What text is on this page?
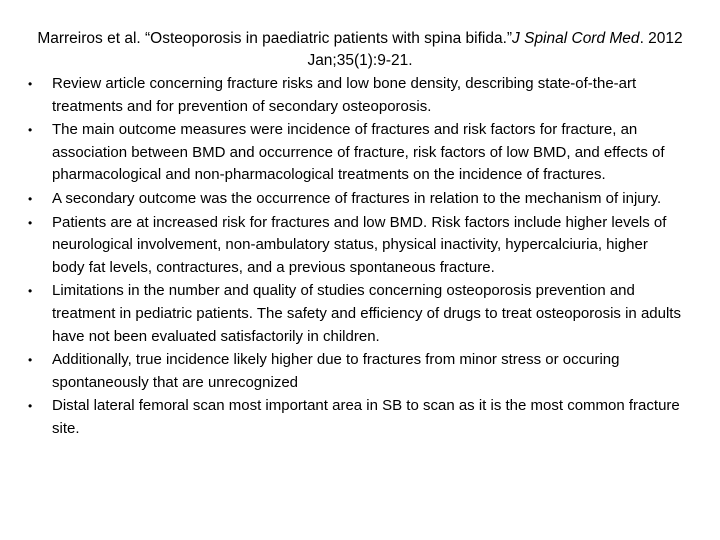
Marreiros et al. “Osteoporosis in paediatric patients with spina bifida.”J Spinal Cord Med. 2012 Jan;35(1):9-21.
• Review article concerning fracture risks and low bone density, describing state-of-the-art treatments and for prevention of secondary osteoporosis.
• The main outcome measures were incidence of fractures and risk factors for fracture, an association between BMD and occurrence of fracture, risk factors of low BMD, and effects of pharmacological and non-pharmacological treatments on the incidence of fractures.
• A secondary outcome was the occurrence of fractures in relation to the mechanism of injury.
• Patients are at increased risk for fractures and low BMD. Risk factors include higher levels of neurological involvement, non-ambulatory status, physical inactivity, hypercalciuria, higher body fat levels, contractures, and a previous spontaneous fracture.
• Limitations in the number and quality of studies concerning osteoporosis prevention and treatment in pediatric patients. The safety and efficiency of drugs to treat osteoporosis in adults have not been evaluated satisfactorily in children.
• Additionally, true incidence likely higher due to fractures from minor stress or occuring spontaneously that are unrecognized
• Distal lateral femoral scan most important area in SB to scan as it is the most common fracture site.
